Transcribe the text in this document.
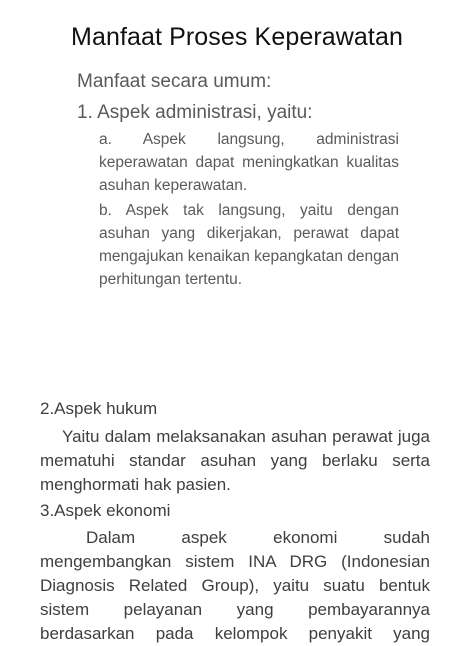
Manfaat Proses Keperawatan
Manfaat secara umum:
1. Aspek administrasi, yaitu:
a. Aspek langsung, administrasi keperawatan dapat meningkatkan kualitas asuhan keperawatan.
b. Aspek tak langsung, yaitu dengan asuhan yang dikerjakan, perawat dapat mengajukan kenaikan kepangkatan dengan perhitungan tertentu.
2.Aspek hukum
Yaitu dalam melaksanakan asuhan perawat juga mematuhi standar asuhan yang berlaku serta menghormati hak pasien.
3.Aspek ekonomi
Dalam aspek ekonomi sudah mengembangkan sistem INA DRG (Indonesian Diagnosis Related Group), yaitu suatu bentuk sistem pelayanan yang pembayarannya berdasarkan pada kelompok penyakit yang
